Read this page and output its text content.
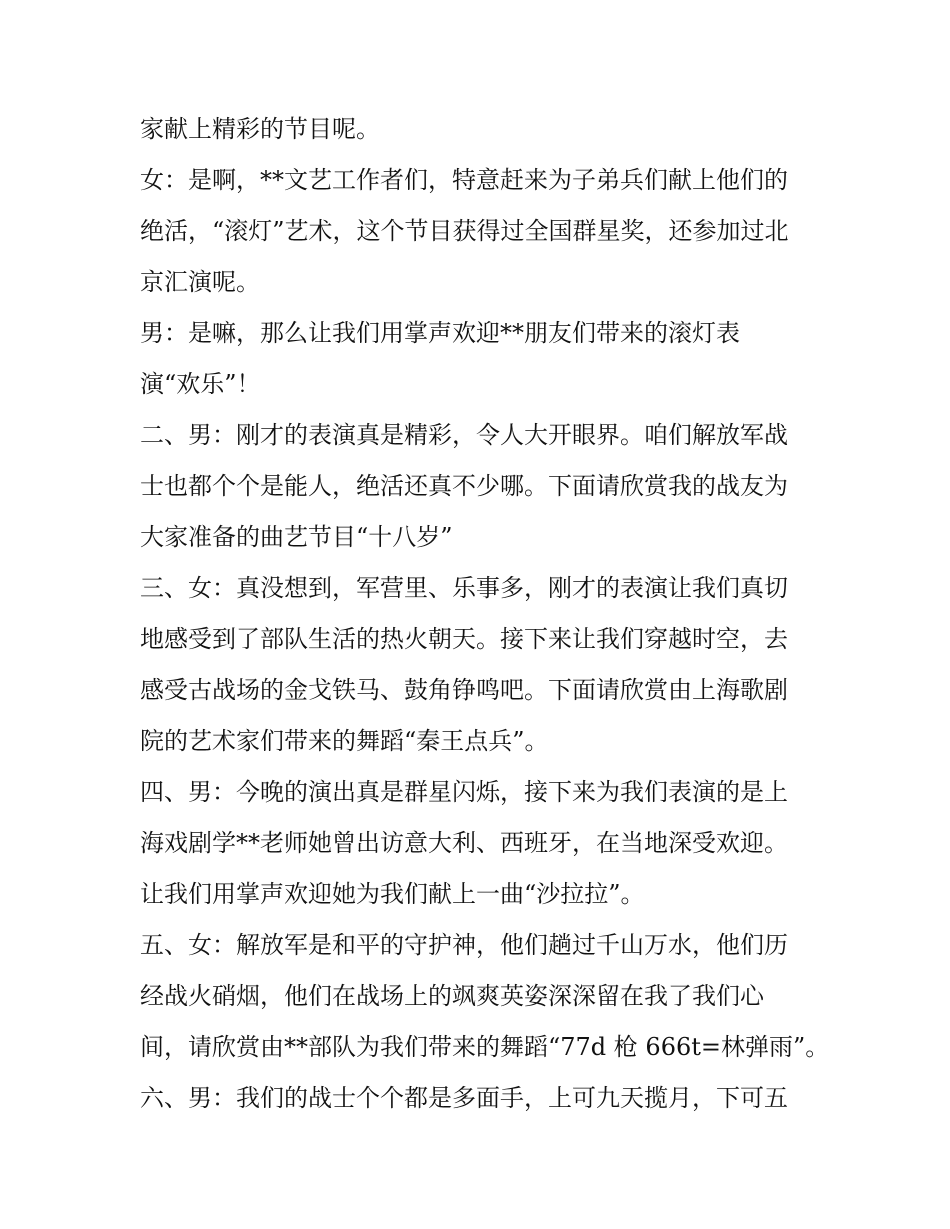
家献上精彩的节目呢。
女：是啊，**文艺工作者们，特意赶来为子弟兵们献上他们的
绝活，“滚灯”艺术，这个节目获得过全国群星奖，还参加过北
京汇演呢。
男：是嘛，那么让我们用掌声欢迎**朋友们带来的滚灯表
演“欢乐”！
二、男：刚才的表演真是精彩，令人大开眼界。咱们解放军战
士也都个个是能人，绝活还真不少哪。下面请欣赏我的战友为
大家准备的曲艺节目“十八岁”
三、女：真没想到，军营里、乐事多，刚才的表演让我们真切
地感受到了部队生活的热火朝天。接下来让我们穿越时空，去
感受古战场的金戈铁马、鼓角铮鸣吧。下面请欣赏由上海歌剧
院的艺术家们带来的舞蹈“秦王点兵”。
四、男：今晚的演出真是群星闪烁，接下来为我们表演的是上
海戏剧学**老师她曾出访意大利、西班牙，在当地深受欢迎。
让我们用掌声欢迎她为我们献上一曲“沙拉拉”。
五、女：解放军是和平的守护神，他们趟过千山万水，他们历
经战火硝烟，他们在战场上的飒爽英姿深深留在我了我们心
间，请欣赏由**部队为我们带来的舞蹈“77d 枪 666t=林弹雨”。
六、男：我们的战士个个都是多面手，上可九天揽月，下可五
